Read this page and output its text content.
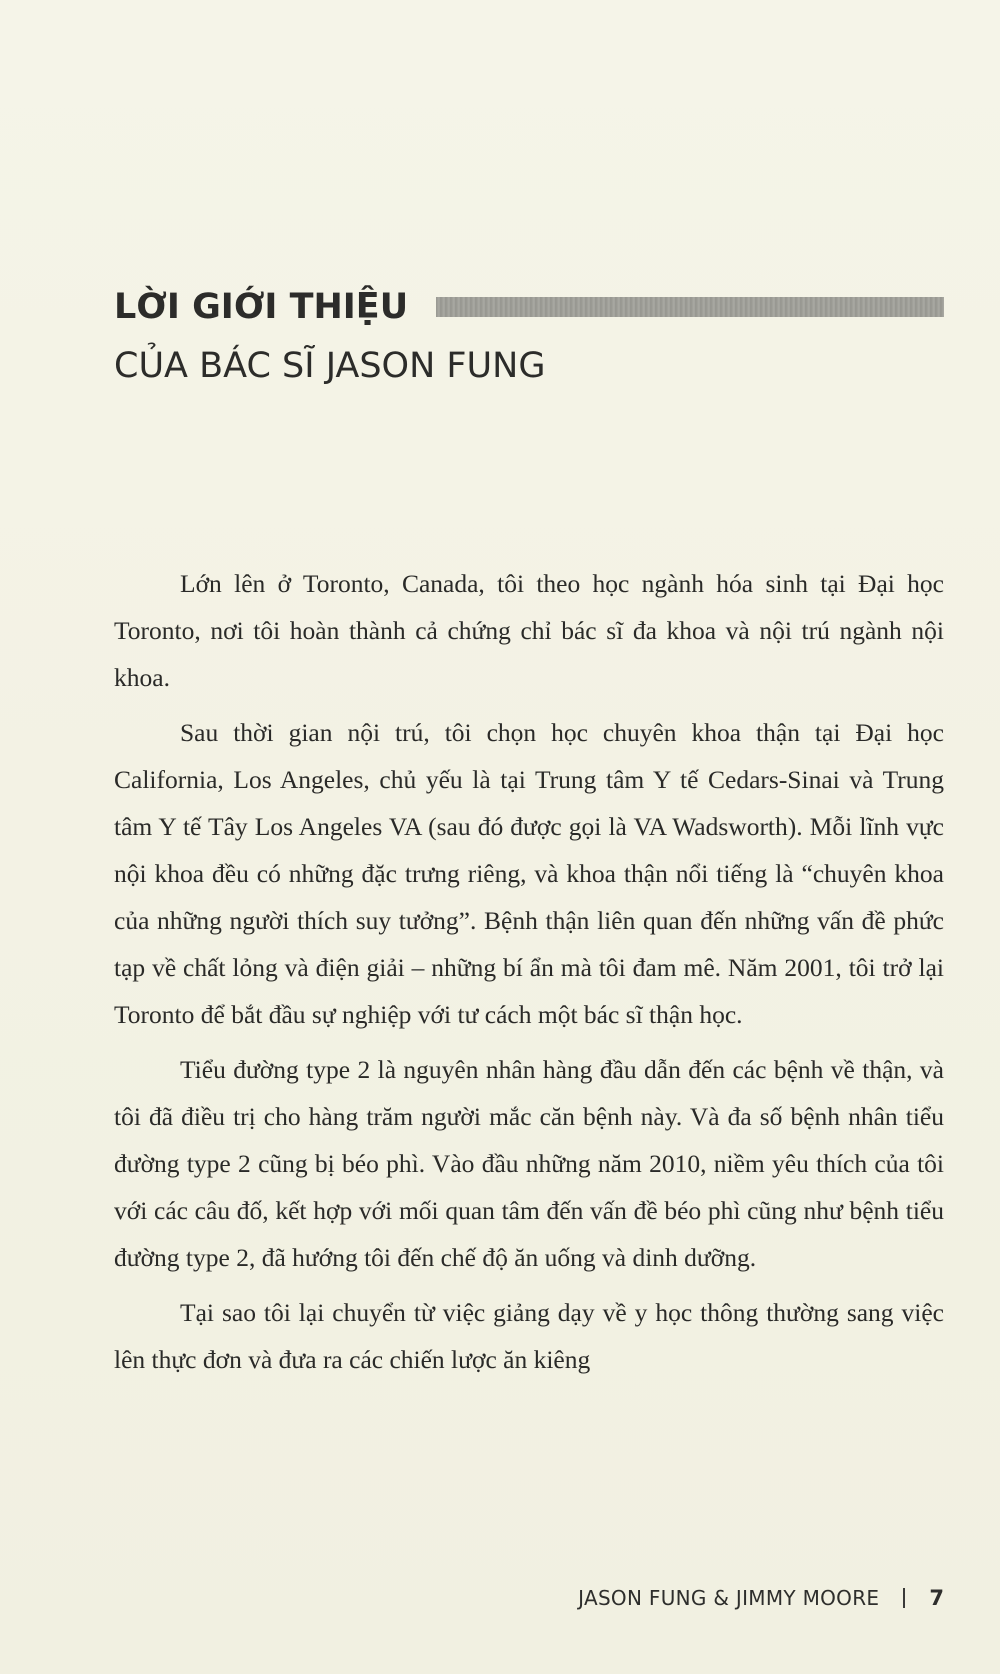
LỜI GIỚI THIỆU
CỦA BÁC SĨ JASON FUNG

Lớn lên ở Toronto, Canada, tôi theo học ngành hóa sinh tại Đại học Toronto, nơi tôi hoàn thành cả chứng chỉ bác sĩ đa khoa và nội trú ngành nội khoa.

Sau thời gian nội trú, tôi chọn học chuyên khoa thận tại Đại học California, Los Angeles, chủ yếu là tại Trung tâm Y tế Cedars-Sinai và Trung tâm Y tế Tây Los Angeles VA (sau đó được gọi là VA Wadsworth). Mỗi lĩnh vực nội khoa đều có những đặc trưng riêng, và khoa thận nổi tiếng là “chuyên khoa của những người thích suy tưởng”. Bệnh thận liên quan đến những vấn đề phức tạp về chất lỏng và điện giải – những bí ẩn mà tôi đam mê. Năm 2001, tôi trở lại Toronto để bắt đầu sự nghiệp với tư cách một bác sĩ thận học.

Tiểu đường type 2 là nguyên nhân hàng đầu dẫn đến các bệnh về thận, và tôi đã điều trị cho hàng trăm người mắc căn bệnh này. Và đa số bệnh nhân tiểu đường type 2 cũng bị béo phì. Vào đầu những năm 2010, niềm yêu thích của tôi với các câu đố, kết hợp với mối quan tâm đến vấn đề béo phì cũng như bệnh tiểu đường type 2, đã hướng tôi đến chế độ ăn uống và dinh dưỡng.

Tại sao tôi lại chuyển từ việc giảng dạy về y học thông thường sang việc lên thực đơn và đưa ra các chiến lược ăn kiêng

JASON FUNG & JIMMY MOORE 7
